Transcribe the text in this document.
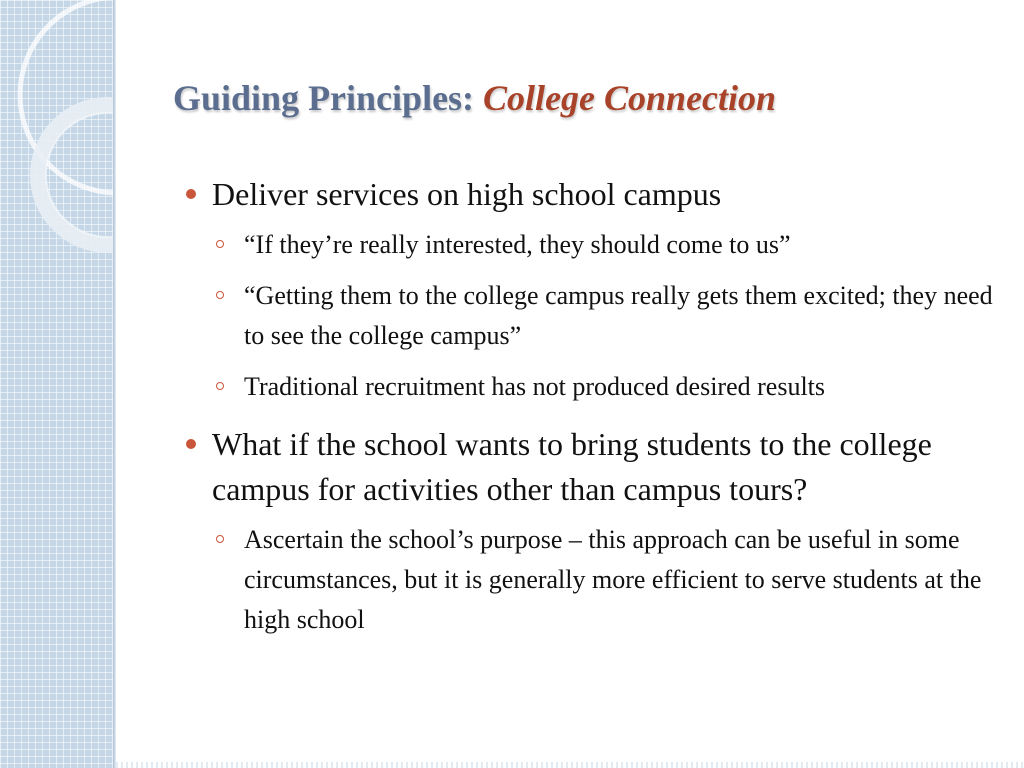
Guiding Principles: College Connection
Deliver services on high school campus
“If they’re really interested, they should come to us”
“Getting them to the college campus really gets them excited; they need to see the college campus”
Traditional recruitment has not produced desired results
What if the school wants to bring students to the college campus for activities other than campus tours?
Ascertain the school’s purpose – this approach can be useful in some circumstances, but it is generally more efficient to serve students at the high school
